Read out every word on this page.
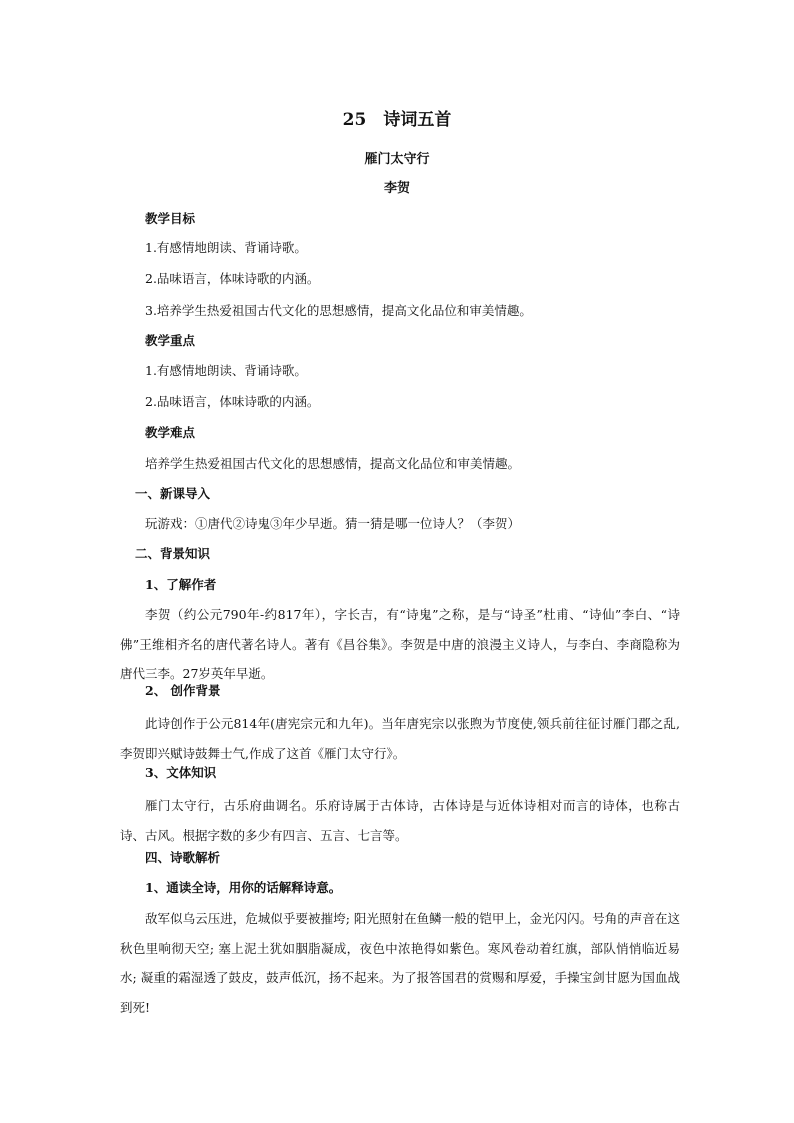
25　诗词五首
雁门太守行
李贺
教学目标
1.有感情地朗读、背诵诗歌。
2.品味语言，体味诗歌的内涵。
3.培养学生热爱祖国古代文化的思想感情，提高文化品位和审美情趣。
教学重点
1.有感情地朗读、背诵诗歌。
2.品味语言，体味诗歌的内涵。
教学难点
培养学生热爱祖国古代文化的思想感情，提高文化品位和审美情趣。
一、新课导入
玩游戏：①唐代②诗鬼③年少早逝。猜一猜是哪一位诗人？（李贺）
二、背景知识
1、了解作者
李贺（约公元790年-约817年），字长吉，有“诗鬼”之称，是与“诗圣”杜甫、“诗仙”李白、“诗佛”王维相齐名的唐代著名诗人。著有《昌谷集》。李贺是中唐的浪漫主义诗人，与李白、李商隐称为唐代三李。27岁英年早逝。
2、 创作背景
此诗创作于公元814年(唐宪宗元和九年)。当年唐宪宗以张煦为节度使,领兵前往征讨雁门郡之乱,李贺即兴赋诗鼓舞士气,作成了这首《雁门太守行》。
3、文体知识
雁门太守行，古乐府曲调名。乐府诗属于古体诗，古体诗是与近体诗相对而言的诗体，也称古诗、古风。根据字数的多少有四言、五言、七言等。
四、诗歌解析
1、通读全诗，用你的话解释诗意。
敌军似乌云压进，危城似乎要被摧垮; 阳光照射在鱼鳞一般的铠甲上，金光闪闪。号角的声音在这秋色里响彻天空; 塞上泥土犹如胭脂凝成，夜色中浓艳得如紫色。寒风卷动着红旗，部队悄悄临近易水; 凝重的霜湿透了鼓皮，鼓声低沉，扬不起来。为了报答国君的赏赐和厚爱，手操宝剑甘愿为国血战到死!
